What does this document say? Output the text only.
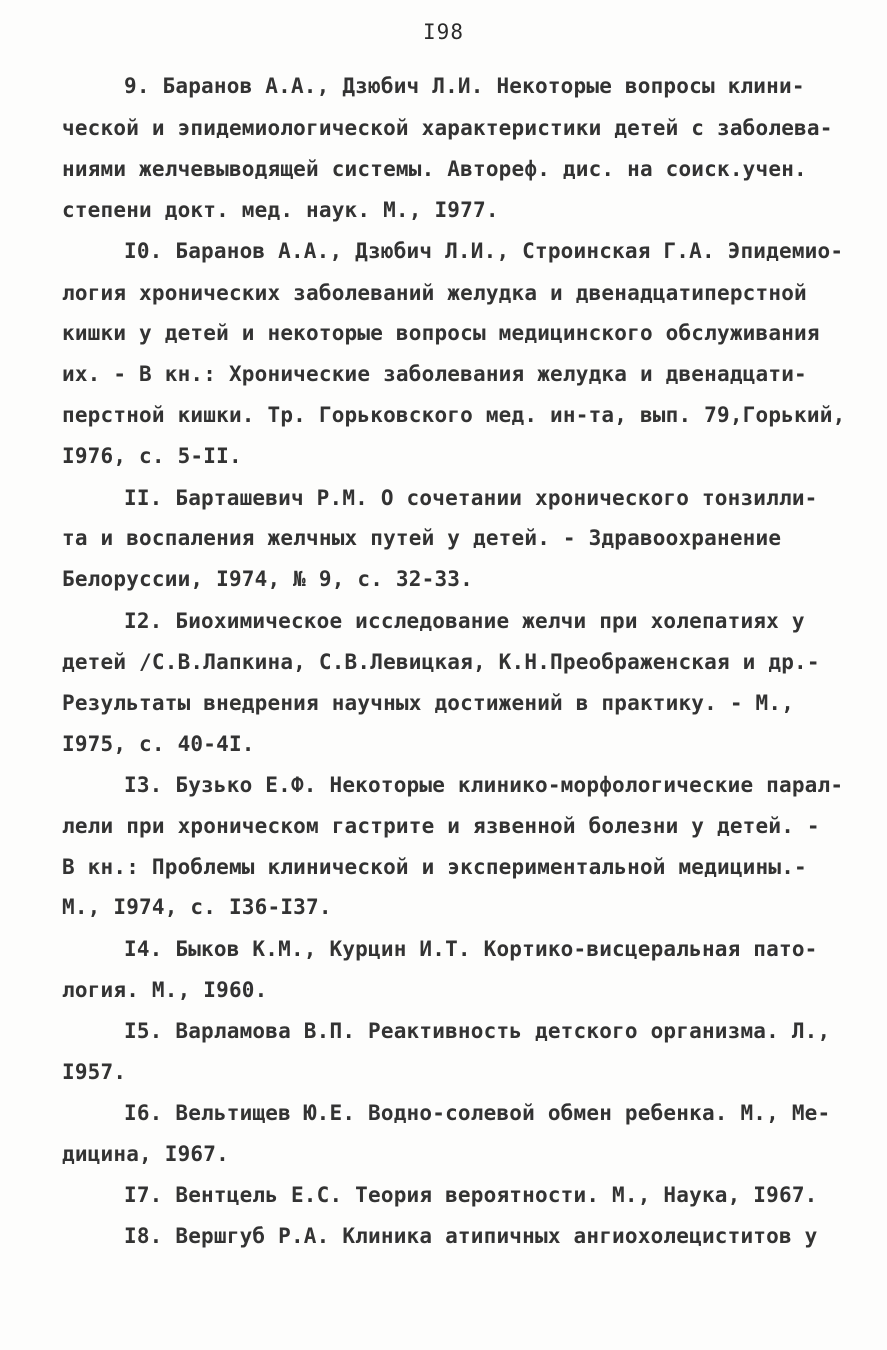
I98
9. Баранов А.А., Дзюбич Л.И. Некоторые вопросы клини-
ческой и эпидемиологической характеристики детей с заболева-
ниями желчевыводящей системы. Автореф. дис. на соиск.учен.
степени докт. мед. наук. М., I977.
I0. Баранов А.А., Дзюбич Л.И., Строинская Г.А. Эпидемио-
логия хронических заболеваний желудка и двенадцатиперстной
кишки у детей и некоторые вопросы медицинского обслуживания
их. - В кн.: Хронические заболевания желудка и двенадцати-
перстной кишки. Тр. Горьковского мед. ин-та, вып. 79,Горький,
I976, с. 5-II.
II. Барташевич Р.М. О сочетании хронического тонзилли-
та и воспаления желчных путей у детей. - Здравоохранение
Белоруссии, I974, № 9, с. 32-33.
I2. Биохимическое исследование желчи при холепатиях у
детей /С.В.Лапкина, С.В.Левицкая, К.Н.Преображенская и др.-
Результаты внедрения научных достижений в практику. - М.,
I975, с. 40-4I.
I3. Бузько Е.Ф. Некоторые клинико-морфологические парал-
лели при хроническом гастрите и язвенной болезни у детей. -
В кн.: Проблемы клинической и экспериментальной медицины.-
М., I974, с. I36-I37.
I4. Быков К.М., Курцин И.Т. Кортико-висцеральная пато-
логия. М., I960.
I5. Варламова В.П. Реактивность детского организма. Л.,
I957.
I6. Вельтищев Ю.Е. Водно-солевой обмен ребенка. М., Ме-
дицина, I967.
I7. Вентцель Е.С. Теория вероятности. М., Наука, I967.
I8. Вершгуб Р.А. Клиника атипичных ангиохолециститов у
